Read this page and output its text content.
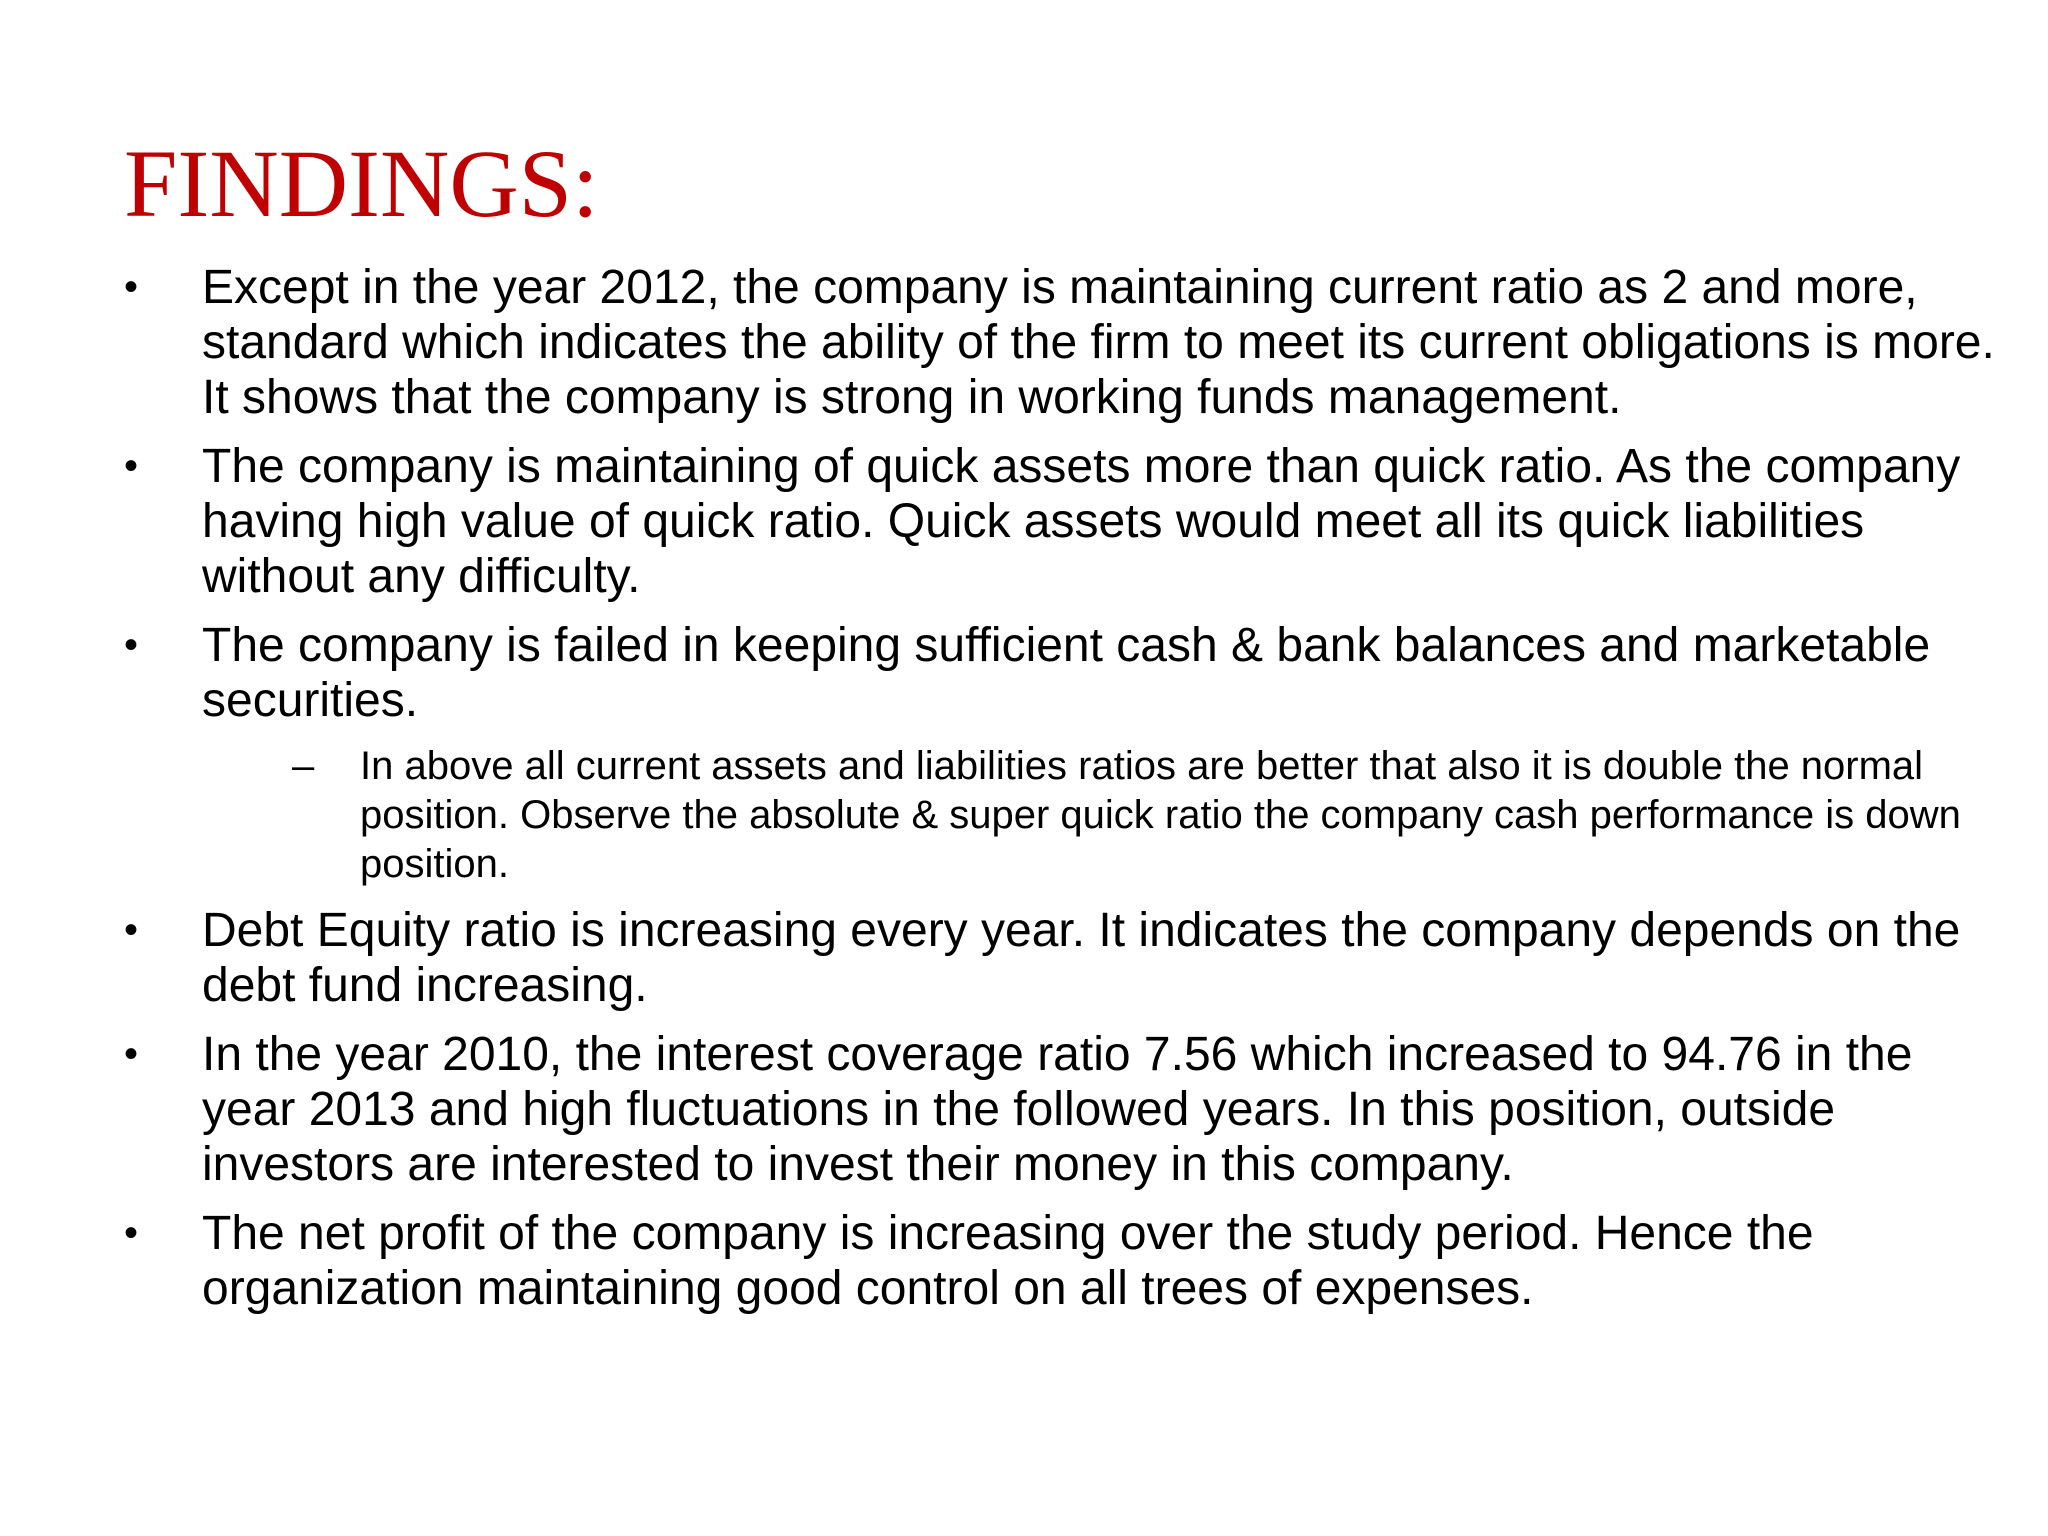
FINDINGS:
•	Except in the year 2012, the company is maintaining current ratio as 2 and more, standard which indicates the ability of the firm to meet its current obligations is more. It shows that the company is strong in working funds management.
•	The company is maintaining of quick assets more than quick ratio. As the company having high value of quick ratio. Quick assets would meet all its quick liabilities without any difficulty.
•	The company is failed in keeping sufficient cash & bank balances and marketable securities.
– In above all current assets and liabilities ratios are better that also it is double the normal position. Observe the absolute & super quick ratio the company cash performance is down position.
•	Debt Equity ratio is increasing every year. It indicates the company depends on the debt fund increasing.
•	In the year 2010, the interest coverage ratio 7.56 which increased to 94.76 in the year 2013 and high fluctuations in the followed years. In this position, outside investors are interested to invest their money in this company.
•	The net profit of the company is increasing over the study period. Hence the organization maintaining good control on all trees of expenses.
